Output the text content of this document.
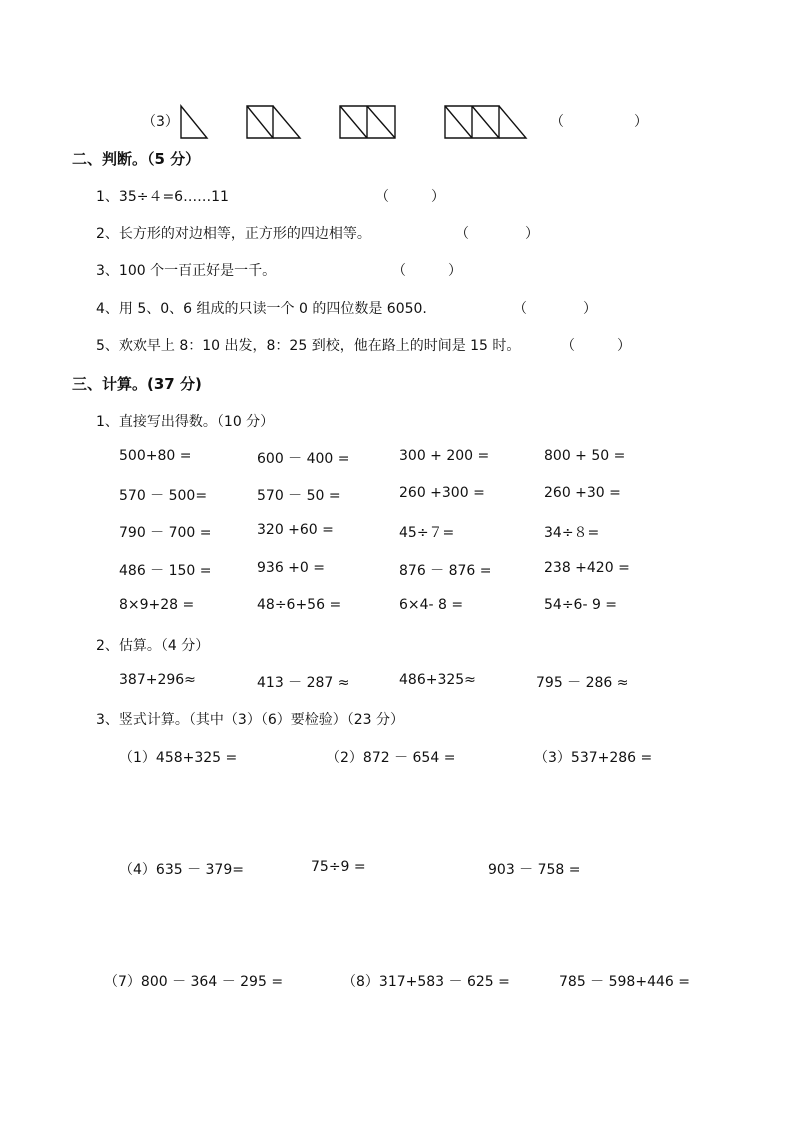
（3）	（　　　　　）
二、判断。（5 分）
1、35÷４=6……11	（　　　）
2、长方形的对边相等，正方形的四边相等。	（　　　　）
3、100 个一百正好是一千。	（　　　）
4、用 5、0、6 组成的只读一个 0 的四位数是 6050.	（　　　　）
5、欢欢早上 8：10 出发，8：25 到校，他在路上的时间是 15 时。	（　　　）
三、计算。(37 分)
1、直接写出得数。（10 分）
500+80 =	600 － 400 =	300 + 200 =	800 + 50 =
570 － 500=	570 － 50 =	260 +300 =	260 +30 =
790 － 700 =	320 +60 =	45÷７=	34÷８=
486 － 150 =	936 +0 =	876 － 876 =	238 +420 =
8×9+28 =	48÷6+56 =	6×4- 8 =	54÷6- 9 =
2、估算。（4 分）
387+296≈	413 － 287 ≈	486+325≈	795 － 286 ≈
3、竖式计算。（其中（3）（6）要检验）（23 分）
（1）458+325 =	（2）872 － 654 =	（3）537+286 =
（4）635 － 379=	75÷9 =	903 － 758 =
（7）800 － 364 － 295 =	（8）317+583 － 625 =	785 － 598+446 =
